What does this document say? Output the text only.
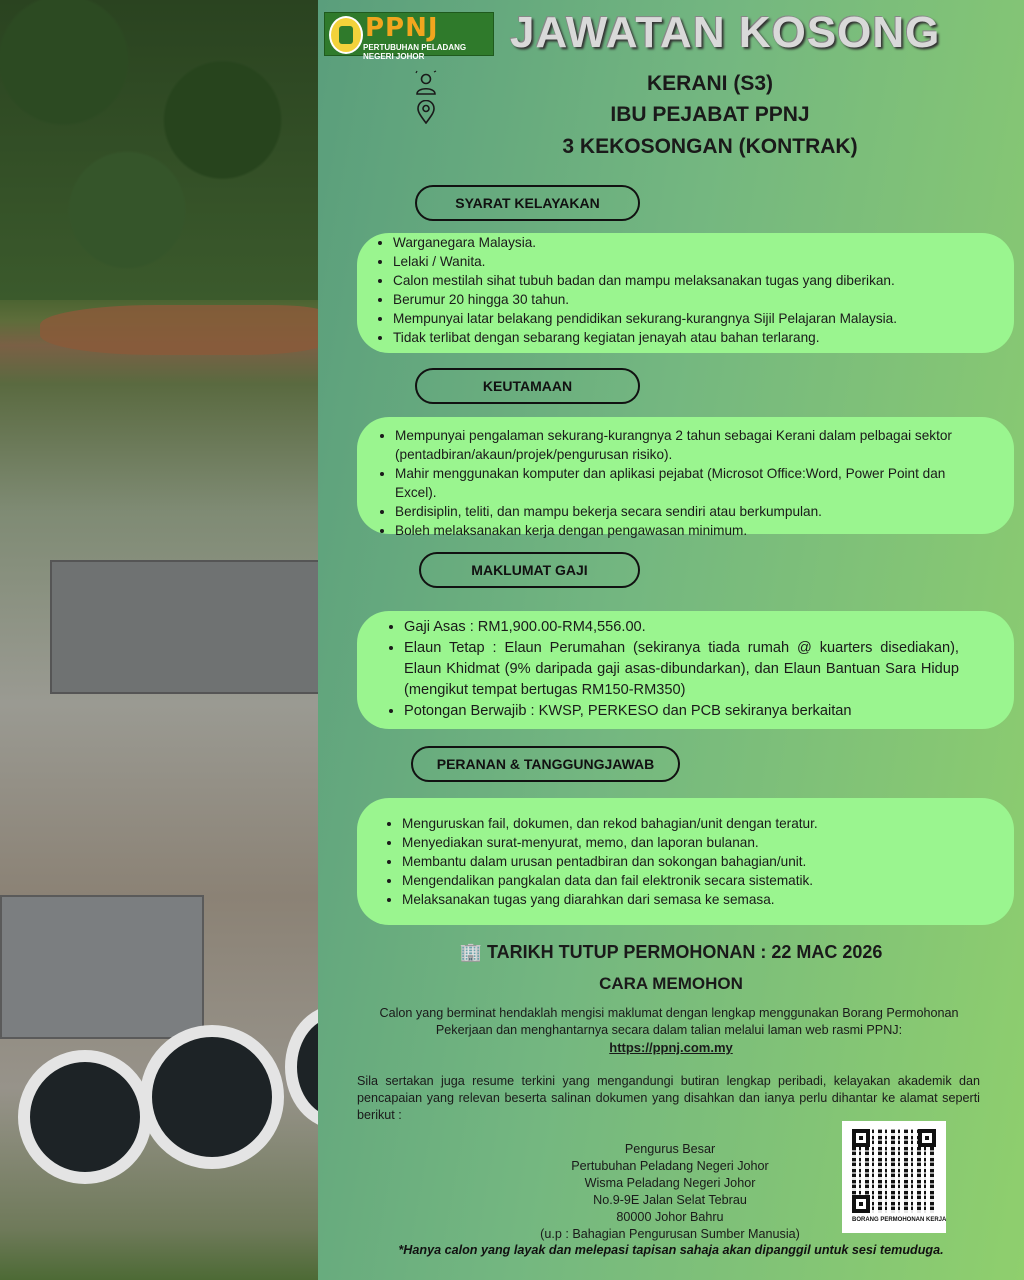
PPNJ
PERTUBUHAN PELADANG NEGERI JOHOR	JAWATAN KOSONG
KERANI (S3)
IBU PEJABAT PPNJ
3 KEKOSONGAN (KONTRAK)
SYARAT KELAYAKAN
• Warganegara Malaysia.
• Lelaki / Wanita.
• Calon mestilah sihat tubuh badan dan mampu melaksanakan tugas yang diberikan.
• Berumur 20 hingga 30 tahun.
• Mempunyai latar belakang pendidikan sekurang-kurangnya Sijil Pelajaran Malaysia.
• Tidak terlibat dengan sebarang kegiatan jenayah atau bahan terlarang.
KEUTAMAAN
• Mempunyai pengalaman sekurang-kurangnya 2 tahun sebagai Kerani dalam pelbagai sektor (pentadbiran/akaun/projek/pengurusan risiko).
• Mahir menggunakan komputer dan aplikasi pejabat (Microsot Office:Word, Power Point dan Excel).
• Berdisiplin, teliti, dan mampu bekerja secara sendiri atau berkumpulan.
• Boleh melaksanakan kerja dengan pengawasan minimum.
MAKLUMAT GAJI
• Gaji Asas : RM1,900.00-RM4,556.00.
• Elaun Tetap : Elaun Perumahan (sekiranya tiada rumah @ kuarters disediakan), Elaun Khidmat (9% daripada gaji asas-dibundarkan), dan Elaun Bantuan Sara Hidup (mengikut tempat bertugas RM150-RM350)
• Potongan Berwajib : KWSP, PERKESO dan PCB sekiranya berkaitan
PERANAN & TANGGUNGJAWAB
• Menguruskan fail, dokumen, dan rekod bahagian/unit dengan teratur.
• Menyediakan surat-menyurat, memo, dan laporan bulanan.
• Membantu dalam urusan pentadbiran dan sokongan bahagian/unit.
• Mengendalikan pangkalan data dan fail elektronik secara sistematik.
• Melaksanakan tugas yang diarahkan dari semasa ke semasa.
🏢 TARIKH TUTUP PERMOHONAN : 22 MAC 2026
CARA MEMOHON
Calon yang berminat hendaklah mengisi maklumat dengan lengkap menggunakan Borang Permohonan Pekerjaan dan menghantarnya secara dalam talian melalui laman web rasmi PPNJ:
https://ppnj.com.my
Sila sertakan juga resume terkini yang mengandungi butiran lengkap peribadi, kelayakan akademik dan pencapaian yang relevan beserta salinan dokumen yang disahkan dan ianya perlu dihantar ke alamat seperti berikut :
Pengurus Besar
Pertubuhan Peladang Negeri Johor
Wisma Peladang Negeri Johor
No.9-9E Jalan Selat Tebrau
80000 Johor Bahru
(u.p : Bahagian Pengurusan Sumber Manusia)
*Hanya calon yang layak dan melepasi tapisan sahaja akan dipanggil untuk sesi temuduga.
BORANG PERMOHONAN KERJA
